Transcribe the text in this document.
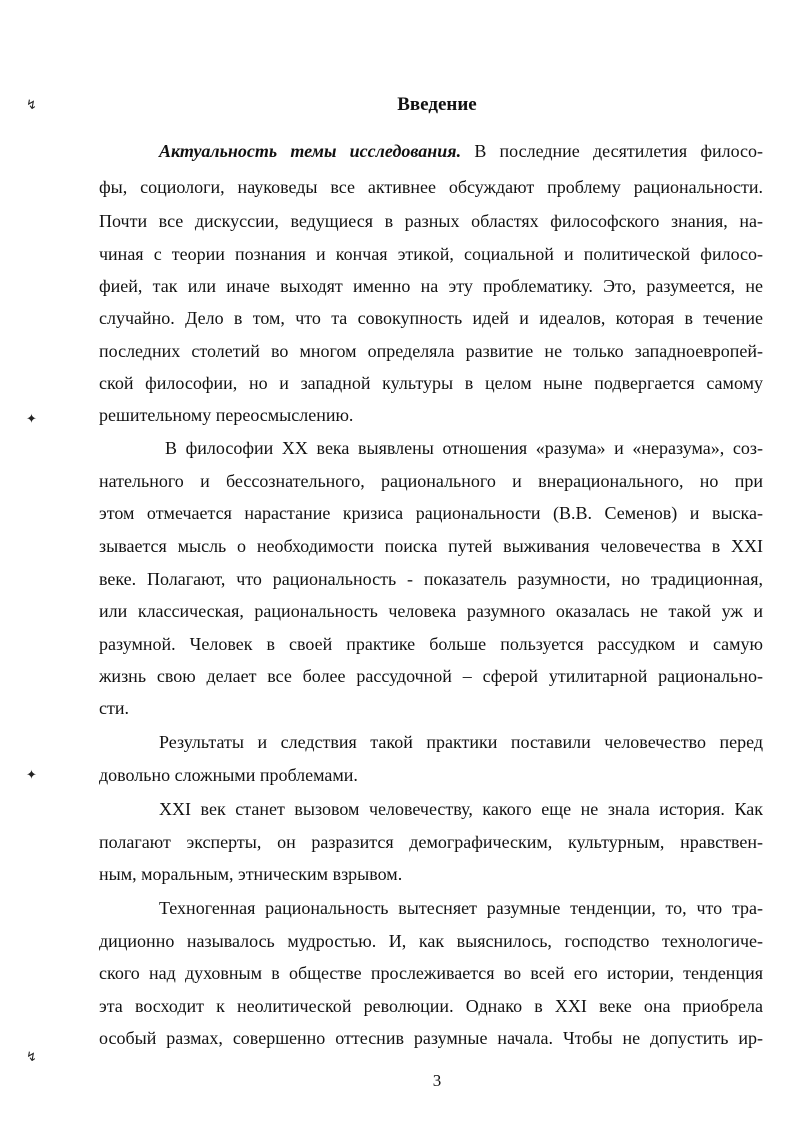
↯
✦
✦
↯
Введение

Актуальность темы исследования. В последние десятилетия филосо-

фы, социологи, науковеды все активнее обсуждают проблему рациональности.

Почти все дискуссии, ведущиеся в разных областях философского знания, на-

чиная с теории познания и кончая этикой, социальной и политической филосо-

фией, так или иначе выходят именно на эту проблематику. Это, разумеется, не

случайно. Дело в том, что та совокупность идей и идеалов, которая в течение

последних столетий во многом определяла развитие не только западноевропей-

ской философии, но и западной культуры в целом ныне подвергается самому

решительному переосмыслению.

В философии XX века выявлены отношения «разума» и «неразума», соз-

нательного и бессознательного, рационального и внерационального, но при

этом отмечается нарастание кризиса рациональности (В.В. Семенов) и выска-

зывается мысль о необходимости поиска путей выживания человечества в XXI

веке. Полагают, что рациональность - показатель разумности, но традиционная,

или классическая, рациональность человека разумного оказалась не такой уж и

разумной. Человек в своей практике больше пользуется рассудком и самую

жизнь свою делает все более рассудочной – сферой утилитарной рационально-

сти.

Результаты и следствия такой практики поставили человечество перед

довольно сложными проблемами.

XXI век станет вызовом человечеству, какого еще не знала история. Как

полагают эксперты, он разразится демографическим, культурным, нравствен-

ным, моральным, этническим взрывом.

Техногенная рациональность вытесняет разумные тенденции, то, что тра-

диционно называлось мудростью. И, как выяснилось, господство технологиче-

ского над духовным в обществе прослеживается во всей его истории, тенденция

эта восходит к неолитической революции. Однако в XXI веке она приобрела

особый размах, совершенно оттеснив разумные начала. Чтобы не допустить ир-

3
